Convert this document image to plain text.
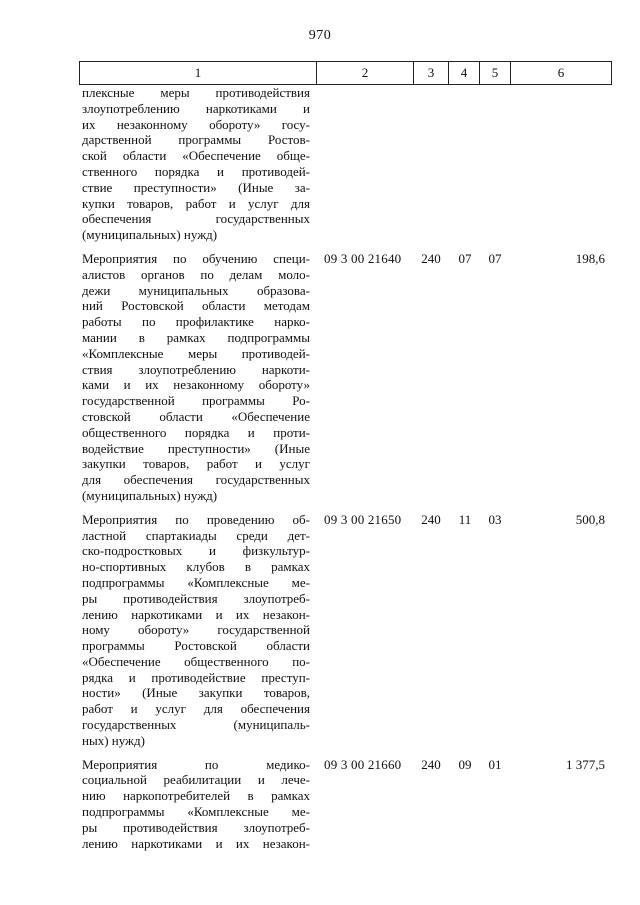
970
1	2	3	4	5	6
плексные меры противодействия
злоупотреблению наркотиками и
их незаконному обороту» госу-
дарственной программы Ростов-
ской области «Обеспечение обще-
ственного порядка и противодей-
ствие преступности» (Иные за-
купки товаров, работ и услуг для
обеспечения государственных
(муниципальных) нужд)
Мероприятия по обучению специ-
алистов органов по делам моло-
дежи муниципальных образова-
ний Ростовской области методам
работы по профилактике нарко-
мании в рамках подпрограммы
«Комплексные меры противодей-
ствия злоупотреблению наркоти-
ками и их незаконному обороту»
государственной программы Ро-
стовской области «Обеспечение
общественного порядка и проти-
водействие преступности» (Иные
закупки товаров, работ и услуг
для обеспечения государственных
(муниципальных) нужд)
09 3 00 21640	240	07	07	198,6
Мероприятия по проведению об-
ластной спартакиады среди дет-
ско-подростковых и физкультур-
но-спортивных клубов в рамках
подпрограммы «Комплексные ме-
ры противодействия злоупотреб-
лению наркотиками и их незакон-
ному обороту» государственной
программы Ростовской области
«Обеспечение общественного по-
рядка и противодействие преступ-
ности» (Иные закупки товаров,
работ и услуг для обеспечения
государственных (муниципаль-
ных) нужд)
09 3 00 21650	240	11	03	500,8
Мероприятия по медико-
социальной реабилитации и лече-
нию наркопотребителей в рамках
подпрограммы «Комплексные ме-
ры противодействия злоупотреб-
лению наркотиками и их незакон-
09 3 00 21660	240	09	01	1 377,5
